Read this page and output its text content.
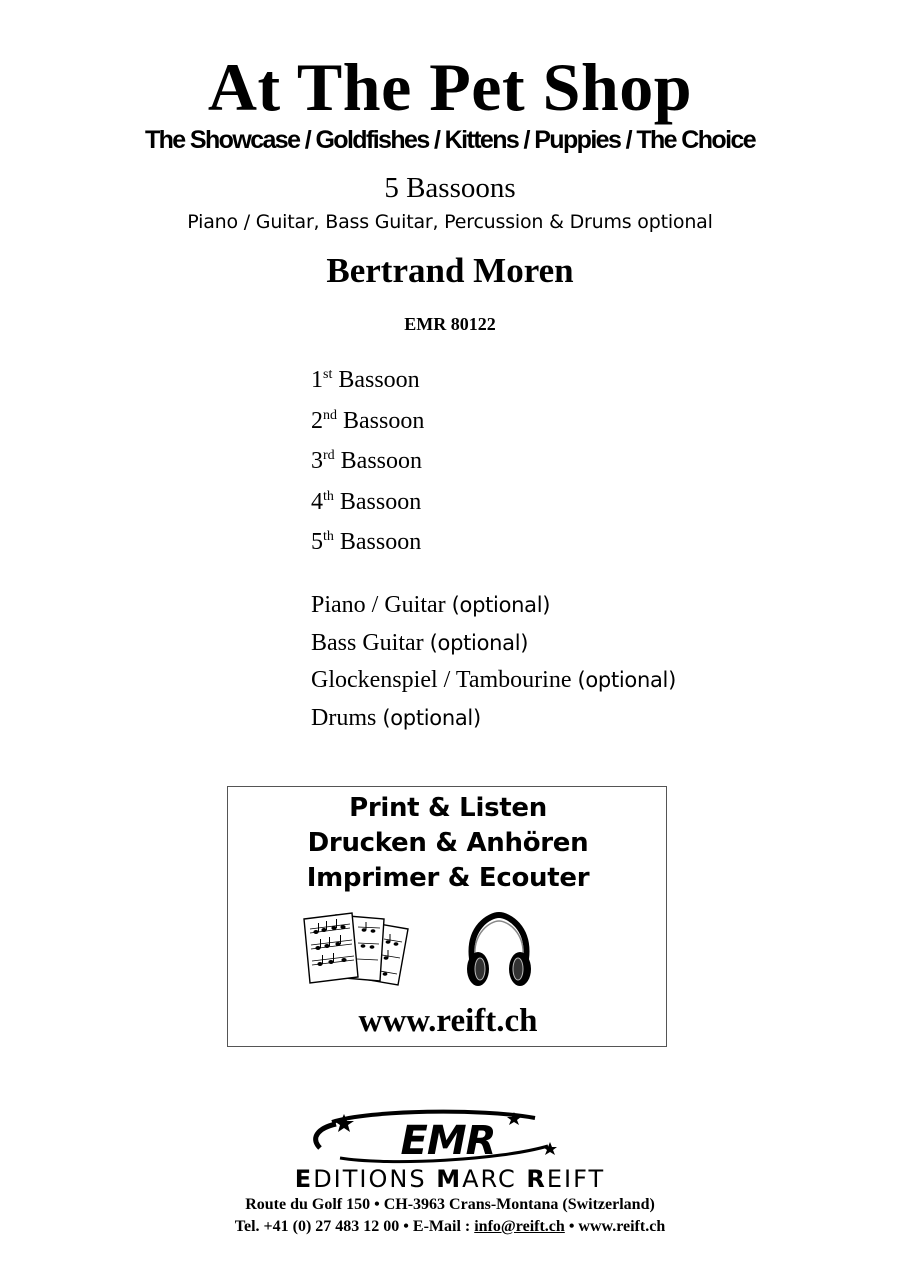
At The Pet Shop
The Showcase / Goldfishes / Kittens / Puppies / The Choice
5 Bassoons
Piano / Guitar, Bass Guitar, Percussion & Drums optional
Bertrand Moren
EMR 80122
1st Bassoon
2nd Bassoon
3rd Bassoon
4th Bassoon
5th Bassoon
Piano / Guitar (optional)
Bass Guitar (optional)
Glockenspiel / Tambourine (optional)
Drums (optional)
Print & Listen
Drucken & Anhören
Imprimer & Ecouter
www.reift.ch
EMR
EDITIONS MARC REIFT
Route du Golf 150 • CH-3963 Crans-Montana (Switzerland)
Tel. +41 (0) 27 483 12 00 • E-Mail : info@reift.ch • www.reift.ch
